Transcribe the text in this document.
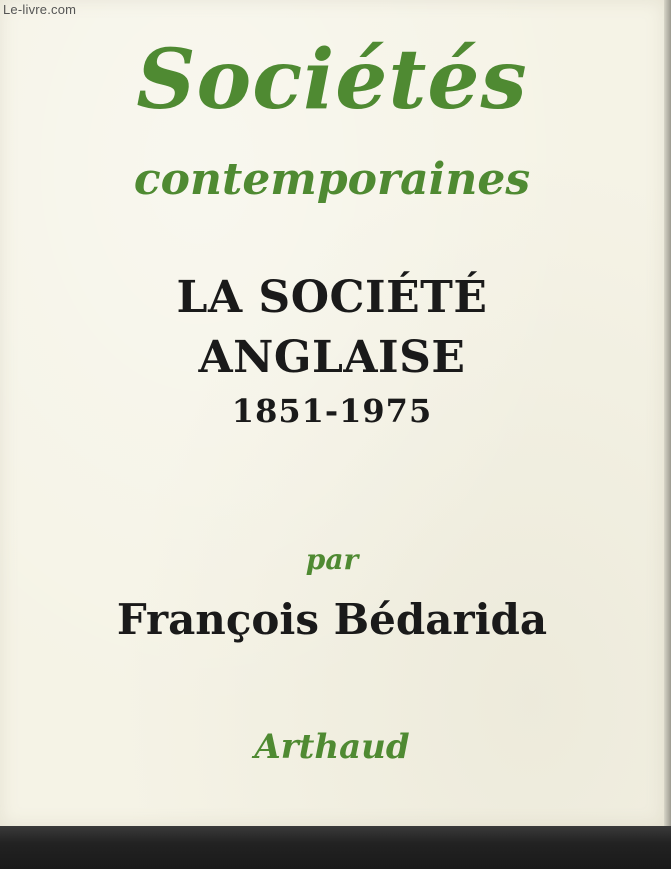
Le-livre.com
Sociétés
contemporaines
LA SOCIÉTÉ
ANGLAISE
1851-1975
par
François Bédarida
Arthaud
